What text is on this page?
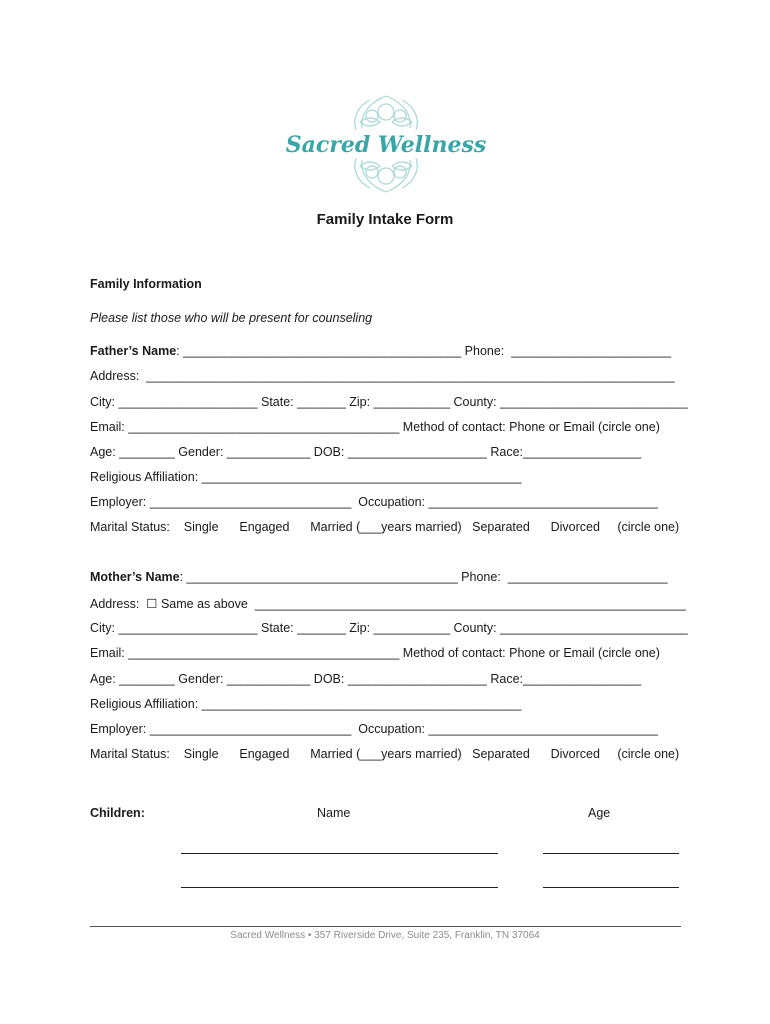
Sacred Wellness
Family Intake Form
Family Information
Please list those who will be present for counseling
Father’s Name: ________________________________________ Phone:  _______________________
Address:  ____________________________________________________________________________
City: ____________________ State: _______ Zip: ___________ County: ___________________________
Email: _______________________________________ Method of contact: Phone or Email (circle one)
Age: ________ Gender: ____________ DOB: ____________________ Race:_________________
Religious Affiliation: ______________________________________________
Employer: _____________________________  Occupation: _________________________________
Marital Status:    Single      Engaged      Married (___years married)   Separated      Divorced     (circle one)
Mother’s Name: _______________________________________ Phone:  _______________________
Address:  ☐ Same as above  ______________________________________________________________
City: ____________________ State: _______ Zip: ___________ County: ___________________________
Email: _______________________________________ Method of contact: Phone or Email (circle one)
Age: ________ Gender: ____________ DOB: ____________________ Race:_________________
Religious Affiliation: ______________________________________________
Employer: _____________________________  Occupation: _________________________________
Marital Status:    Single      Engaged      Married (___years married)   Separated      Divorced     (circle one)
Children:	Name	Age
Sacred Wellness • 357 Riverside Drive, Suite 235, Franklin, TN 37064
